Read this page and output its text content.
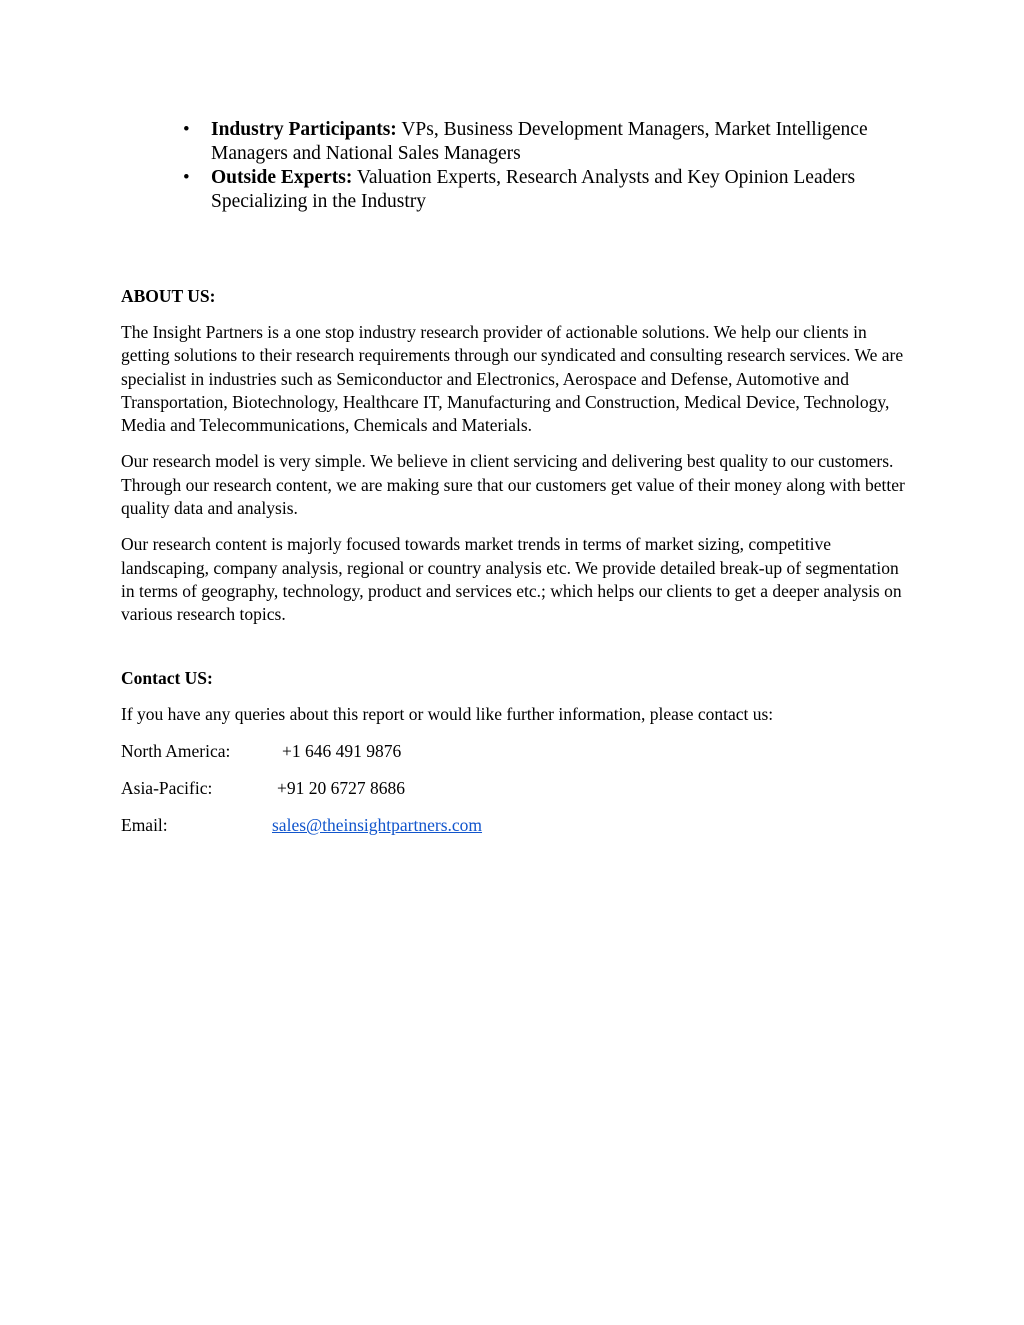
• Industry Participants: VPs, Business Development Managers, Market Intelligence Managers and National Sales Managers
• Outside Experts: Valuation Experts, Research Analysts and Key Opinion Leaders Specializing in the Industry

ABOUT US:

The Insight Partners is a one stop industry research provider of actionable solutions. We help our clients in getting solutions to their research requirements through our syndicated and consulting research services. We are specialist in industries such as Semiconductor and Electronics, Aerospace and Defense, Automotive and Transportation, Biotechnology, Healthcare IT, Manufacturing and Construction, Medical Device, Technology, Media and Telecommunications, Chemicals and Materials.

Our research model is very simple. We believe in client servicing and delivering best quality to our customers. Through our research content, we are making sure that our customers get value of their money along with better quality data and analysis.

Our research content is majorly focused towards market trends in terms of market sizing, competitive landscaping, company analysis, regional or country analysis etc. We provide detailed break-up of segmentation in terms of geography, technology, product and services etc.; which helps our clients to get a deeper analysis on various research topics.

Contact US:

If you have any queries about this report or would like further information, please contact us:

North America:	+1 646 491 9876
Asia-Pacific:	+91 20 6727 8686
Email:	sales@theinsightpartners.com
